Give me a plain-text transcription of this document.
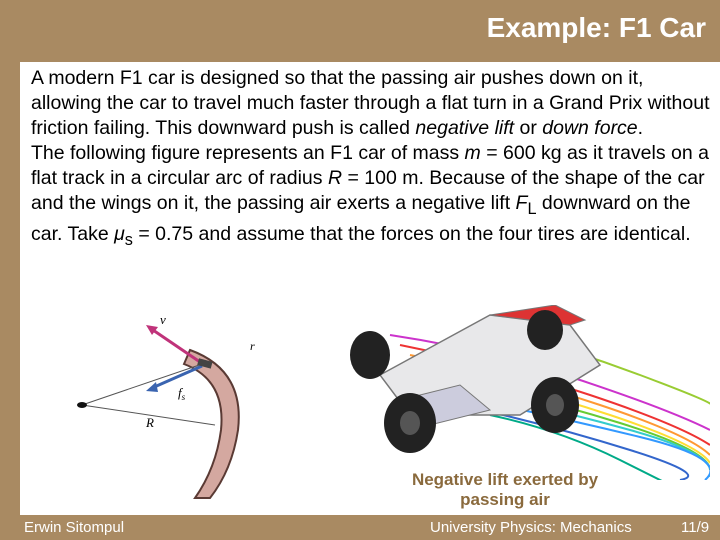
Example: F1 Car

A modern F1 car is designed so that the passing air pushes down on it, allowing the car to travel much faster through a flat turn in a Grand Prix without friction failing. This downward push is called negative lift or down force.

The following figure represents an F1 car of mass m = 600 kg as it travels on a flat track in a circular arc of radius R = 100 m. Because of the shape of the car and the wings on it, the passing air exerts a negative lift $F_L$ downward on the car. Take $\mu_s = 0.75$ and assume that the forces on the four tires are identical.

v
r
$f_s$
R
Negative lift exerted by passing air
Erwin Sitompul	University Physics: Mechanics	11/9
